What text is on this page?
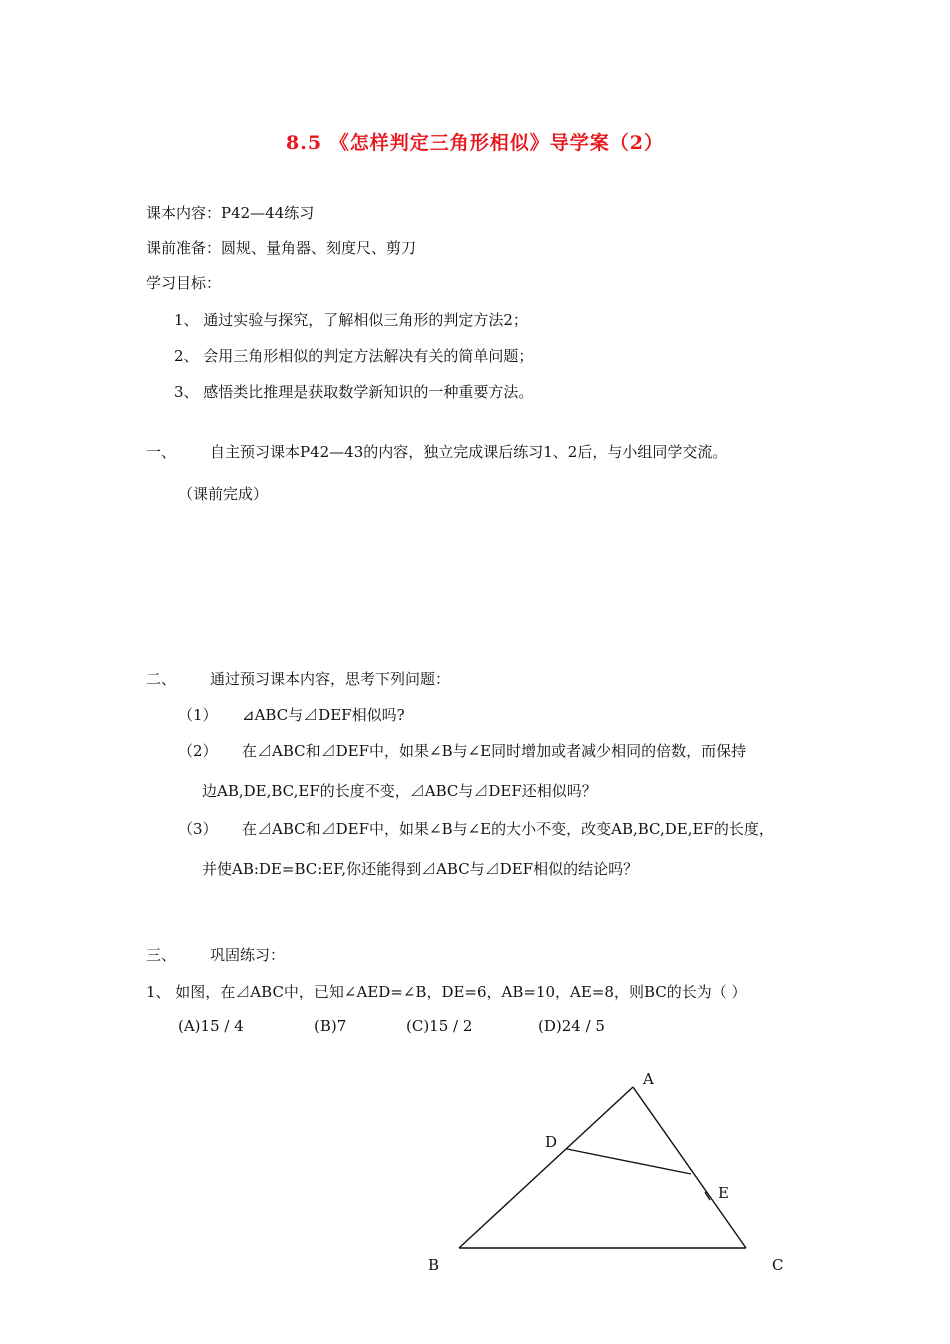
8.5 《怎样判定三角形相似》导学案（2）
课本内容：P42—44练习
课前准备：圆规、量角器、刻度尺、剪刀
学习目标：
1、 通过实验与探究，了解相似三角形的判定方法2；
2、 会用三角形相似的判定方法解决有关的简单问题；
3、 感悟类比推理是获取数学新知识的一种重要方法。
一、 自主预习课本P42—43的内容，独立完成课后练习1、2后，与小组同学交流。
（课前完成）
二、 通过预习课本内容，思考下列问题：
（1） ⊿ABC与⊿DEF相似吗?
（2） 在⊿ABC和⊿DEF中，如果∠B与∠E同时增加或者减少相同的倍数，而保持
边AB,DE,BC,EF的长度不变，⊿ABC与⊿DEF还相似吗？
（3） 在⊿ABC和⊿DEF中，如果∠B与∠E的大小不变，改变AB,BC,DE,EF的长度，
并使AB:DE=BC:EF,你还能得到⊿ABC与⊿DEF相似的结论吗？
三、 巩固练习：
1、 如图，在⊿ABC中，已知∠AED=∠B，DE=6，AB=10，AE=8，则BC的长为（ ）
(A)15 / 4	(B)7	(C)15 / 2	(D)24 / 5
A
D
E
B	C
